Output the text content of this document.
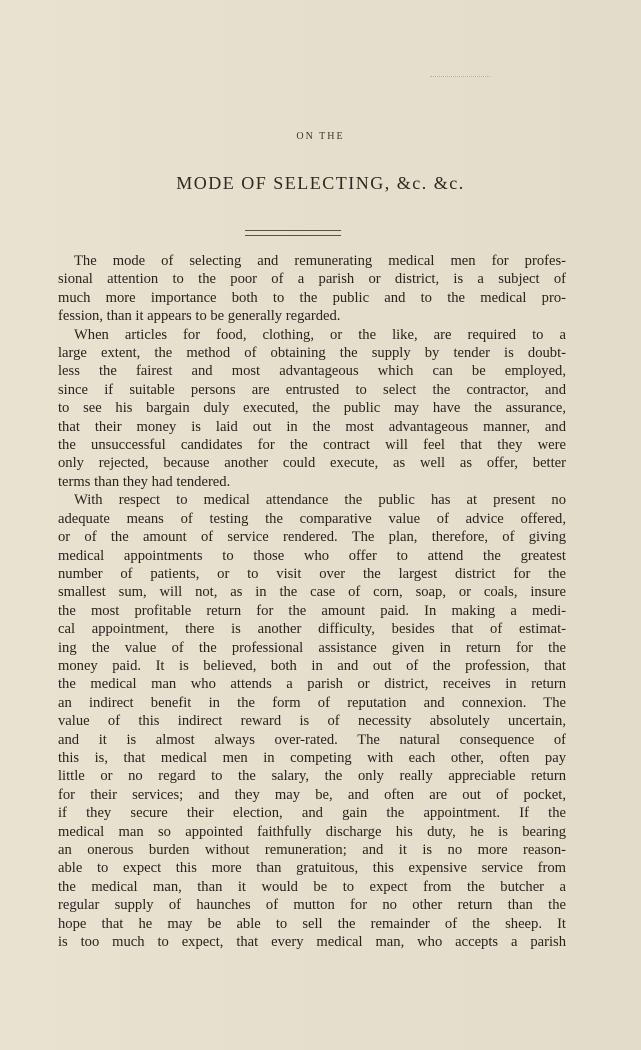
ON THE
MODE OF SELECTING, &c. &c.
The mode of selecting and remunerating medical men for profes-
sional attention to the poor of a parish or district, is a subject of
much more importance both to the public and to the medical pro-
fession, than it appears to be generally regarded.
When articles for food, clothing, or the like, are required to a
large extent, the method of obtaining the supply by tender is doubt-
less the fairest and most advantageous which can be employed,
since if suitable persons are entrusted to select the contractor, and
to see his bargain duly executed, the public may have the assurance,
that their money is laid out in the most advantageous manner, and
the unsuccessful candidates for the contract will feel that they were
only rejected, because another could execute, as well as offer, better
terms than they had tendered.
With respect to medical attendance the public has at present no
adequate means of testing the comparative value of advice offered,
or of the amount of service rendered. The plan, therefore, of giving
medical appointments to those who offer to attend the greatest
number of patients, or to visit over the largest district for the
smallest sum, will not, as in the case of corn, soap, or coals, insure
the most profitable return for the amount paid. In making a medi-
cal appointment, there is another difficulty, besides that of estimat-
ing the value of the professional assistance given in return for the
money paid. It is believed, both in and out of the profession, that
the medical man who attends a parish or district, receives in return
an indirect benefit in the form of reputation and connexion. The
value of this indirect reward is of necessity absolutely uncertain,
and it is almost always over-rated. The natural consequence of
this is, that medical men in competing with each other, often pay
little or no regard to the salary, the only really appreciable return
for their services; and they may be, and often are out of pocket,
if they secure their election, and gain the appointment. If the
medical man so appointed faithfully discharge his duty, he is bearing
an onerous burden without remuneration; and it is no more reason-
able to expect this more than gratuitous, this expensive service from
the medical man, than it would be to expect from the butcher a
regular supply of haunches of mutton for no other return than the
hope that he may be able to sell the remainder of the sheep. It
is too much to expect, that every medical man, who accepts a parish
